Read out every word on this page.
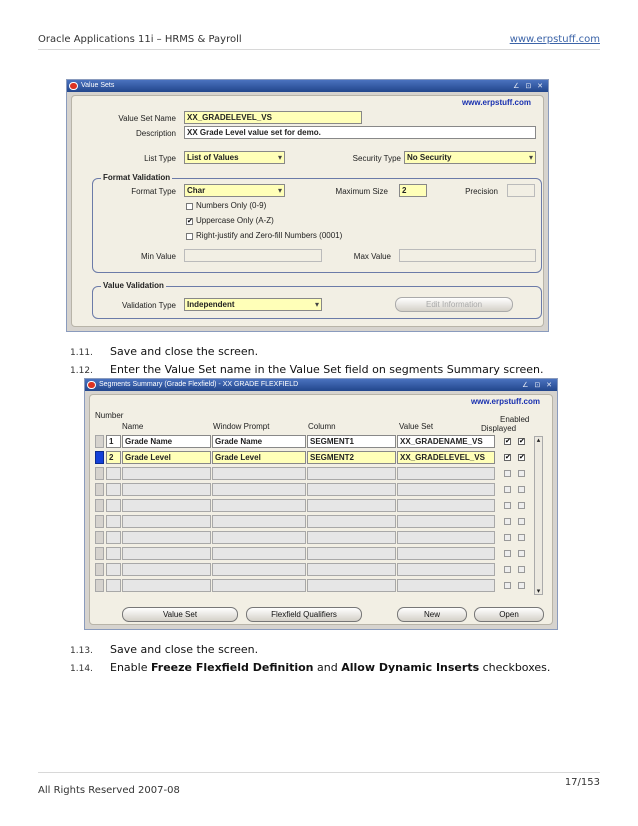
Oracle Applications 11i – HRMS & Payroll	www.erpstuff.com
Value Sets	∠ ⊡ ✕
www.erpstuff.com
Value Set Name	XX_GRADELEVEL_VS
Description	XX Grade Level value set for demo.
List Type	List of Values ▾	Security Type No Security ▾
Format Validation
Format Type	Char ▾	Maximum Size	2	Precision
Numbers Only (0-9)
✔ Uppercase Only (A-Z)
Right-justify and Zero-fill Numbers (0001)
Min Value	Max Value
Value Validation
Validation Type	Independent ▾	Edit Information
1.11. Save and close the screen.
1.12. Enter the Value Set name in the Value Set field on segments Summary screen.
Segments Summary (Grade Flexfield) - XX GRADE FLEXFIELD	∠ ⊡ ✕
www.erpstuff.com
Number
Name	Window Prompt	Column	Value Set
Enabled
Displayed
1	Grade Name	Grade Name	SEGMENT1	XX_GRADENAME_VS	✔ ✔
2	Grade Level	Grade Level	SEGMENT2	XX_GRADELEVEL_VS	✔ ✔
▴
▾
Value Set	Flexfield Qualifiers	New	Open
1.13. Save and close the screen.
1.14. Enable Freeze Flexfield Definition and Allow Dynamic Inserts checkboxes.
All Rights Reserved 2007-08
17/153
